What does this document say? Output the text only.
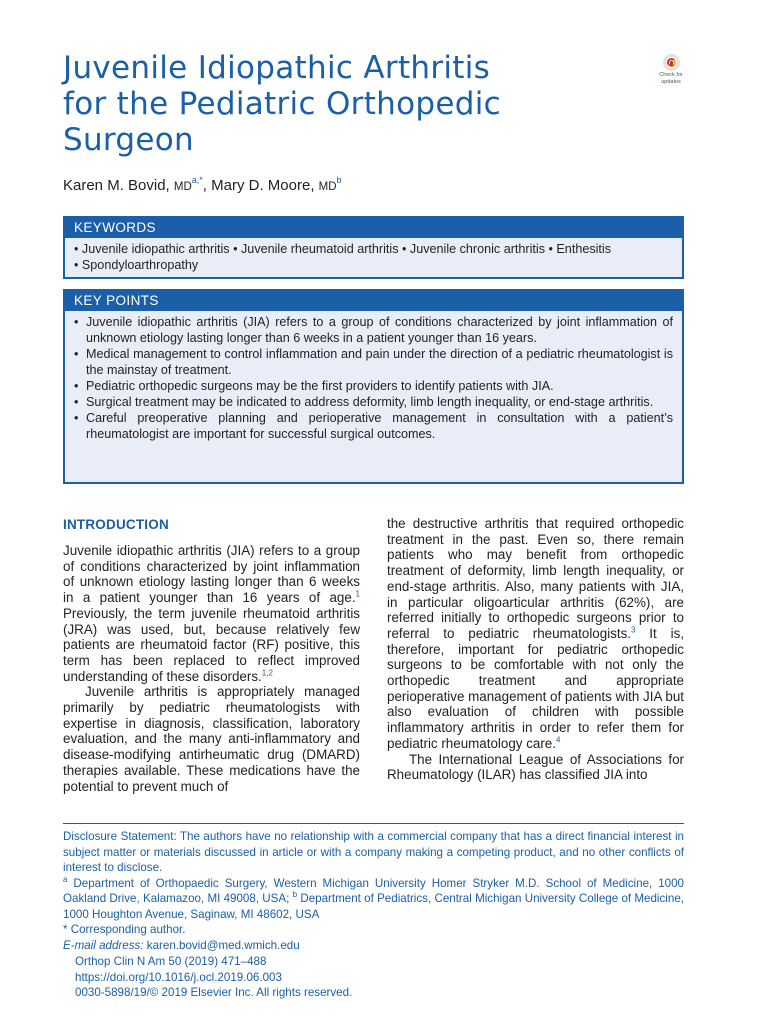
Juvenile Idiopathic Arthritis
for the Pediatric Orthopedic
Surgeon
Check for
updates

Karen M. Bovid, $MD^{a,*}$, Mary D. Moore, $MD^b$

KEYWORDS
• Juvenile idiopathic arthritis • Juvenile rheumatoid arthritis • Juvenile chronic arthritis • Enthesitis
• Spondyloarthropathy
KEY POINTS
• Juvenile idiopathic arthritis (JIA) refers to a group of conditions characterized by joint inflammation of unknown etiology lasting longer than 6 weeks in a patient younger than 16 years.
• Medical management to control inflammation and pain under the direction of a pediatric rheumatologist is the mainstay of treatment.
• Pediatric orthopedic surgeons may be the first providers to identify patients with JIA.
• Surgical treatment may be indicated to address deformity, limb length inequality, or end-stage arthritis.
• Careful preoperative planning and perioperative management in consultation with a patient’s rheumatologist are important for successful surgical outcomes.
INTRODUCTION

Juvenile idiopathic arthritis (JIA) refers to a group of conditions characterized by joint inflammation of unknown etiology lasting longer than 6 weeks in a patient younger than 16 years of age.$^1$ Previously, the term juvenile rheumatoid arthritis (JRA) was used, but, because relatively few patients are rheumatoid factor (RF) positive, this term has been replaced to reflect improved understanding of these disorders.$^{1,2}$

Juvenile arthritis is appropriately managed primarily by pediatric rheumatologists with expertise in diagnosis, classification, laboratory evaluation, and the many anti-inflammatory and disease-modifying antirheumatic drug (DMARD) therapies available. These medications have the potential to prevent much of

the destructive arthritis that required orthopedic treatment in the past. Even so, there remain patients who may benefit from orthopedic treatment of deformity, limb length inequality, or end-stage arthritis. Also, many patients with JIA, in particular oligoarticular arthritis (62%), are referred initially to orthopedic surgeons prior to referral to pediatric rheumatologists.$^3$ It is, therefore, important for pediatric orthopedic surgeons to be comfortable with not only the orthopedic treatment and appropriate perioperative management of patients with JIA but also evaluation of children with possible inflammatory arthritis in order to refer them for pediatric rheumatology care.$^4$

The International League of Associations for Rheumatology (ILAR) has classified JIA into

Disclosure Statement: The authors have no relationship with a commercial company that has a direct financial interest in subject matter or materials discussed in article or with a company making a competing product, and no other conflicts of interest to disclose.

$^a$ Department of Orthopaedic Surgery, Western Michigan University Homer Stryker M.D. School of Medicine, 1000 Oakland Drive, Kalamazoo, MI 49008, USA; $^b$ Department of Pediatrics, Central Michigan University College of Medicine, 1000 Houghton Avenue, Saginaw, MI 48602, USA

* Corresponding author.

E-mail address: karen.bovid@med.wmich.edu

Orthop Clin N Am 50 (2019) 471–488
https://doi.org/10.1016/j.ocl.2019.06.003
0030-5898/19/© 2019 Elsevier Inc. All rights reserved.
